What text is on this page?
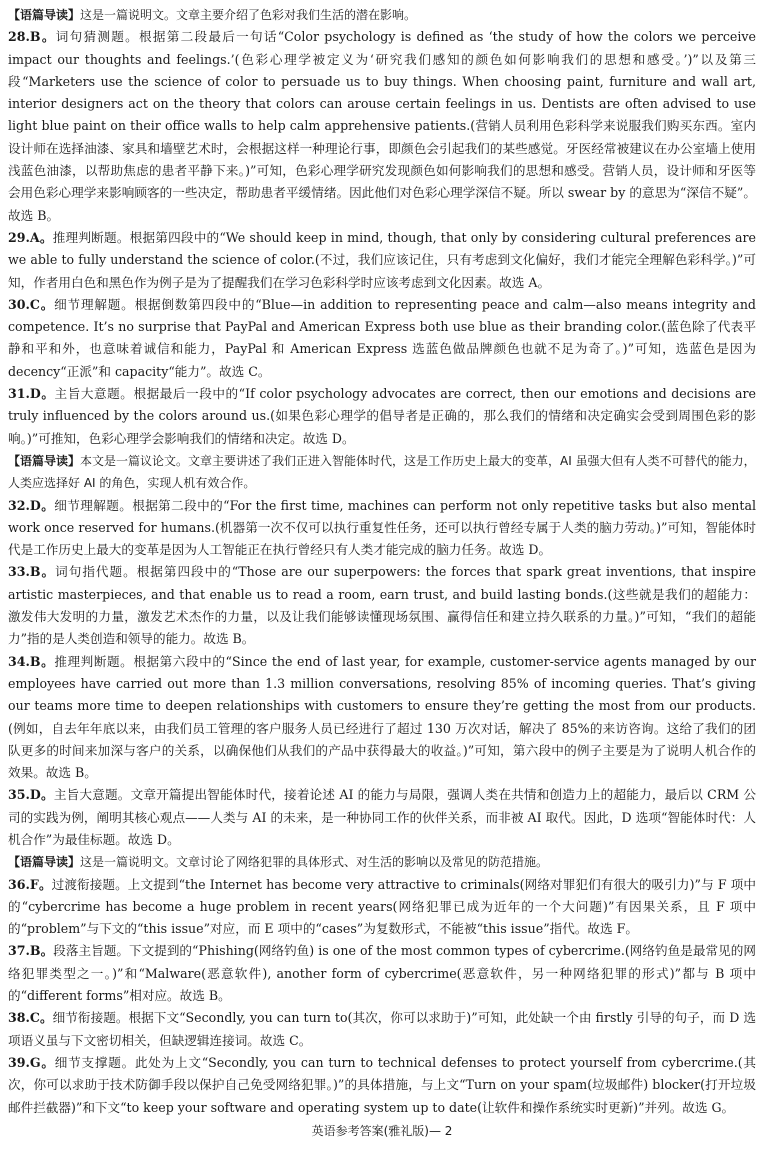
【语篇导读】这是一篇说明文。文章主要介绍了色彩对我们生活的潜在影响。

28.B。词句猜测题。根据第二段最后一句话“Color psychology is defined as ‘the study of how the colors we perceive impact our thoughts and feelings.’(色彩心理学被定义为‘研究我们感知的颜色如何影响我们的思想和感受。’)”以及第三段“Marketers use the science of color to persuade us to buy things. When choosing paint, furniture and wall art, interior designers act on the theory that colors can arouse certain feelings in us. Dentists are often advised to use light blue paint on their office walls to help calm apprehensive patients.(营销人员利用色彩科学来说服我们购买东西。室内设计师在选择油漆、家具和墙壁艺术时，会根据这样一种理论行事，即颜色会引起我们的某些感觉。牙医经常被建议在办公室墙上使用浅蓝色油漆，以帮助焦虑的患者平静下来。)”可知，色彩心理学研究发现颜色如何影响我们的思想和感受。营销人员，设计师和牙医等会用色彩心理学来影响顾客的一些决定，帮助患者平缓情绪。因此他们对色彩心理学深信不疑。所以 swear by 的意思为“深信不疑”。故选 B。

29.A。推理判断题。根据第四段中的“We should keep in mind, though, that only by considering cultural preferences are we able to fully understand the science of color.(不过，我们应该记住，只有考虑到文化偏好，我们才能完全理解色彩科学。)”可知，作者用白色和黑色作为例子是为了提醒我们在学习色彩科学时应该考虑到文化因素。故选 A。

30.C。细节理解题。根据倒数第四段中的“Blue—in addition to representing peace and calm—also means integrity and competence. It’s no surprise that PayPal and American Express both use blue as their branding color.(蓝色除了代表平静和平和外，也意味着诚信和能力，PayPal 和 American Express 选蓝色做品牌颜色也就不足为奇了。)”可知，选蓝色是因为 decency“正派”和 capacity“能力”。故选 C。

31.D。主旨大意题。根据最后一段中的“If color psychology advocates are correct, then our emotions and decisions are truly influenced by the colors around us.(如果色彩心理学的倡导者是正确的，那么我们的情绪和决定确实会受到周围色彩的影响。)”可推知，色彩心理学会影响我们的情绪和决定。故选 D。

【语篇导读】本文是一篇议论文。文章主要讲述了我们正进入智能体时代，这是工作历史上最大的变革，AI 虽强大但有人类不可替代的能力，人类应选择好 AI 的角色，实现人机有效合作。

32.D。细节理解题。根据第二段中的“For the first time, machines can perform not only repetitive tasks but also mental work once reserved for humans.(机器第一次不仅可以执行重复性任务，还可以执行曾经专属于人类的脑力劳动。)”可知，智能体时代是工作历史上最大的变革是因为人工智能正在执行曾经只有人类才能完成的脑力任务。故选 D。

33.B。词句指代题。根据第四段中的“Those are our superpowers: the forces that spark great inventions, that inspire artistic masterpieces, and that enable us to read a room, earn trust, and build lasting bonds.(这些就是我们的超能力：激发伟大发明的力量，激发艺术杰作的力量，以及让我们能够读懂现场氛围、赢得信任和建立持久联系的力量。)”可知，“我们的超能力”指的是人类创造和领导的能力。故选 B。

34.B。推理判断题。根据第六段中的“Since the end of last year, for example, customer-service agents managed by our employees have carried out more than 1.3 million conversations, resolving 85% of incoming queries. That’s giving our teams more time to deepen relationships with customers to ensure they’re getting the most from our products.(例如，自去年年底以来，由我们员工管理的客户服务人员已经进行了超过 130 万次对话，解决了 85%的来访咨询。这给了我们的团队更多的时间来加深与客户的关系，以确保他们从我们的产品中获得最大的收益。)”可知，第六段中的例子主要是为了说明人机合作的效果。故选 B。

35.D。主旨大意题。文章开篇提出智能体时代，接着论述 AI 的能力与局限，强调人类在共情和创造力上的超能力，最后以 CRM 公司的实践为例，阐明其核心观点——人类与 AI 的未来，是一种协同工作的伙伴关系，而非被 AI 取代。因此，D 选项“智能体时代：人机合作”为最佳标题。故选 D。

【语篇导读】这是一篇说明文。文章讨论了网络犯罪的具体形式、对生活的影响以及常见的防范措施。

36.F。过渡衔接题。上文提到“the Internet has become very attractive to criminals(网络对罪犯们有很大的吸引力)”与 F 项中的“cybercrime has become a huge problem in recent years(网络犯罪已成为近年的一个大问题)”有因果关系，且 F 项中的“problem”与下文的“this issue”对应，而 E 项中的“cases”为复数形式，不能被“this issue”指代。故选 F。

37.B。段落主旨题。下文提到的“Phishing(网络钓鱼) is one of the most common types of cybercrime.(网络钓鱼是最常见的网络犯罪类型之一。)”和“Malware(恶意软件), another form of cybercrime(恶意软件，另一种网络犯罪的形式)”都与 B 项中的“different forms”相对应。故选 B。

38.C。细节衔接题。根据下文“Secondly, you can turn to(其次，你可以求助于)”可知，此处缺一个由 firstly 引导的句子，而 D 选项语义虽与下文密切相关，但缺逻辑连接词。故选 C。

39.G。细节支撑题。此处为上文“Secondly, you can turn to technical defenses to protect yourself from cybercrime.(其次，你可以求助于技术防御手段以保护自己免受网络犯罪。)”的具体措施，与上文“Turn on your spam(垃圾邮件) blocker(打开垃圾邮件拦截器)”和下文“to keep your software and operating system up to date(让软件和操作系统实时更新)”并列。故选 G。

英语参考答案(雅礼版)— 2
